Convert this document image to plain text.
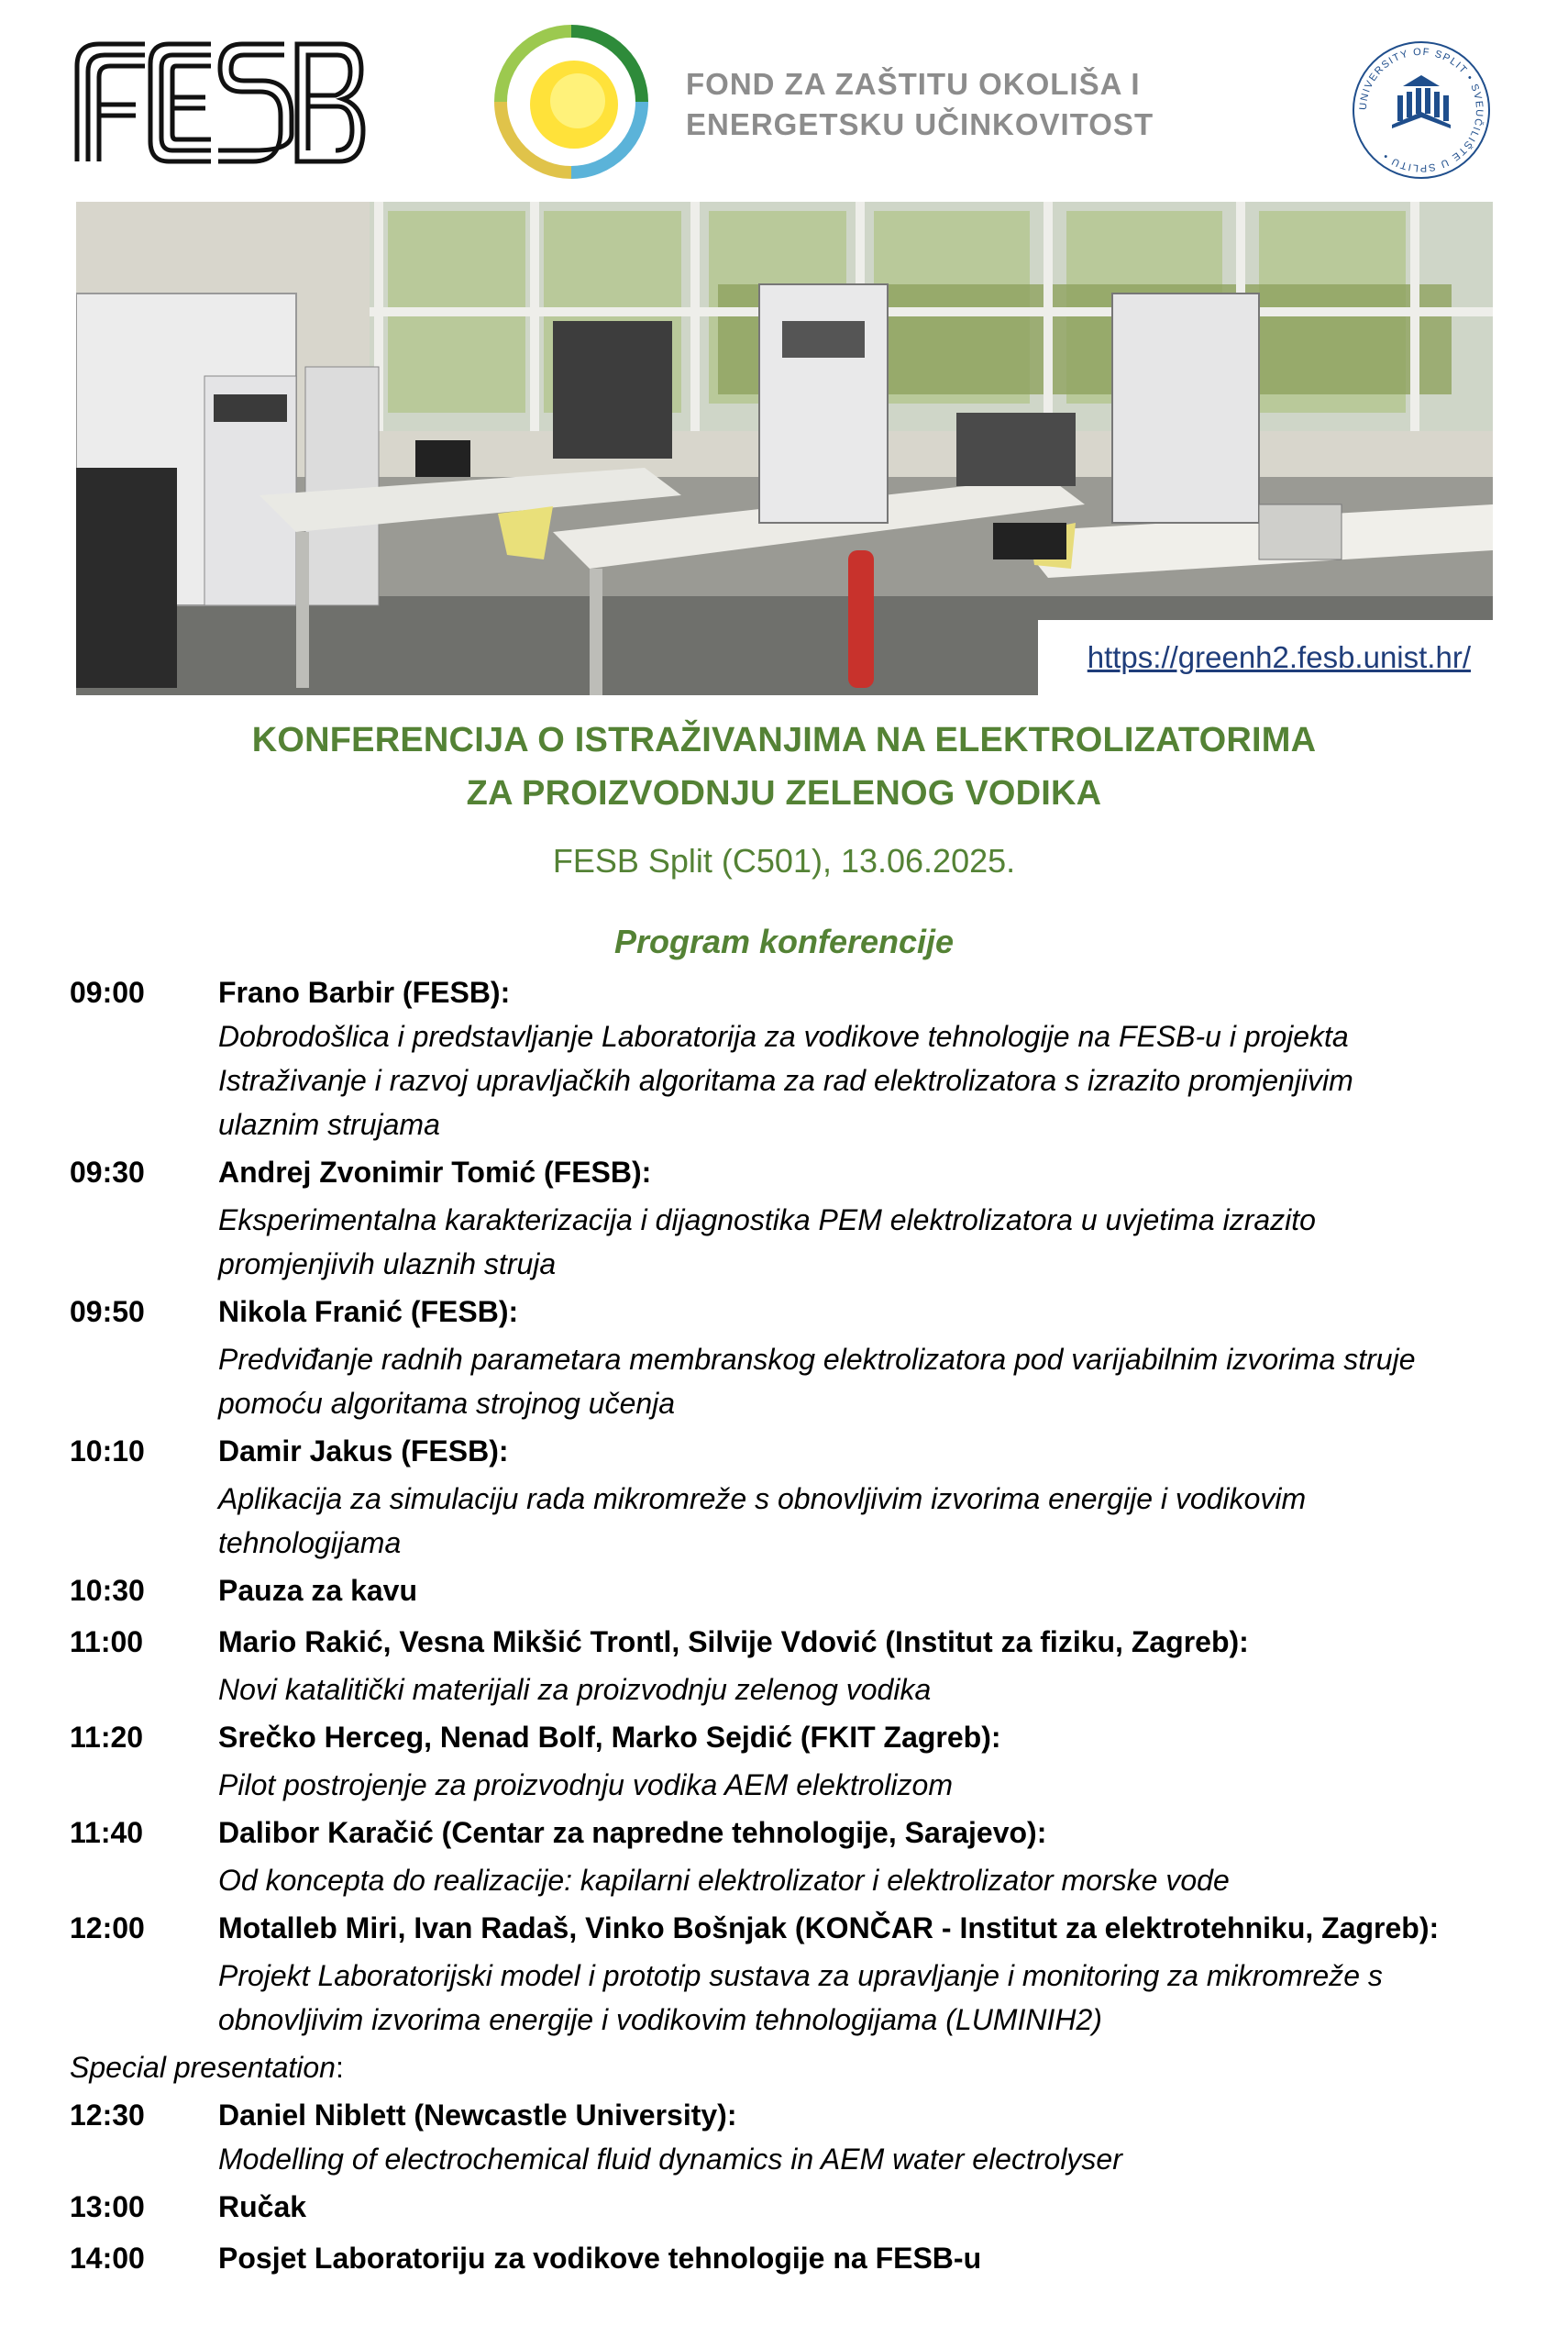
FOND ZA ZAŠTITU OKOLIŠA I
ENERGETSKU UČINKOVITOST
UNIVERSITY OF SPLIT • SVEUČILIŠTE U SPLITU •
https://greenh2.fesb.unist.hr/
KONFERENCIJA O ISTRAŽIVANJIMA NA ELEKTROLIZATORIMA
ZA PROIZVODNJU ZELENOG VODIKA
FESB Split (C501), 13.06.2025.
Program konferencije
09:00	Frano Barbir (FESB):
Dobrodošlica i predstavljanje Laboratorija za vodikove tehnologije na FESB-u i projekta
Istraživanje i razvoj upravljačkih algoritama za rad elektrolizatora s izrazito promjenjivim
ulaznim strujama
09:30	Andrej Zvonimir Tomić (FESB):
Eksperimentalna karakterizacija i dijagnostika PEM elektrolizatora u uvjetima izrazito
promjenjivih ulaznih struja
09:50	Nikola Franić (FESB):
Predviđanje radnih parametara membranskog elektrolizatora pod varijabilnim izvorima struje
pomoću algoritama strojnog učenja
10:10	Damir Jakus (FESB):
Aplikacija za simulaciju rada mikromreže s obnovljivim izvorima energije i vodikovim
tehnologijama
10:30	Pauza za kavu
11:00	Mario Rakić, Vesna Mikšić Trontl, Silvije Vdović (Institut za fiziku, Zagreb):
Novi katalitički materijali za proizvodnju zelenog vodika
11:20	Srečko Herceg, Nenad Bolf, Marko Sejdić (FKIT Zagreb):
Pilot postrojenje za proizvodnju vodika AEM elektrolizom
11:40	Dalibor Karačić (Centar za napredne tehnologije, Sarajevo):
Od koncepta do realizacije: kapilarni elektrolizator i elektrolizator morske vode
12:00	Motalleb Miri, Ivan Radaš, Vinko Bošnjak (KONČAR - Institut za elektrotehniku, Zagreb):
Projekt Laboratorijski model i prototip sustava za upravljanje i monitoring za mikromreže s
obnovljivim izvorima energije i vodikovim tehnologijama (LUMINIH2)
Special presentation:
12:30	Daniel Niblett (Newcastle University):
Modelling of electrochemical fluid dynamics in AEM water electrolyser
13:00	Ručak
14:00	Posjet Laboratoriju za vodikove tehnologije na FESB-u
